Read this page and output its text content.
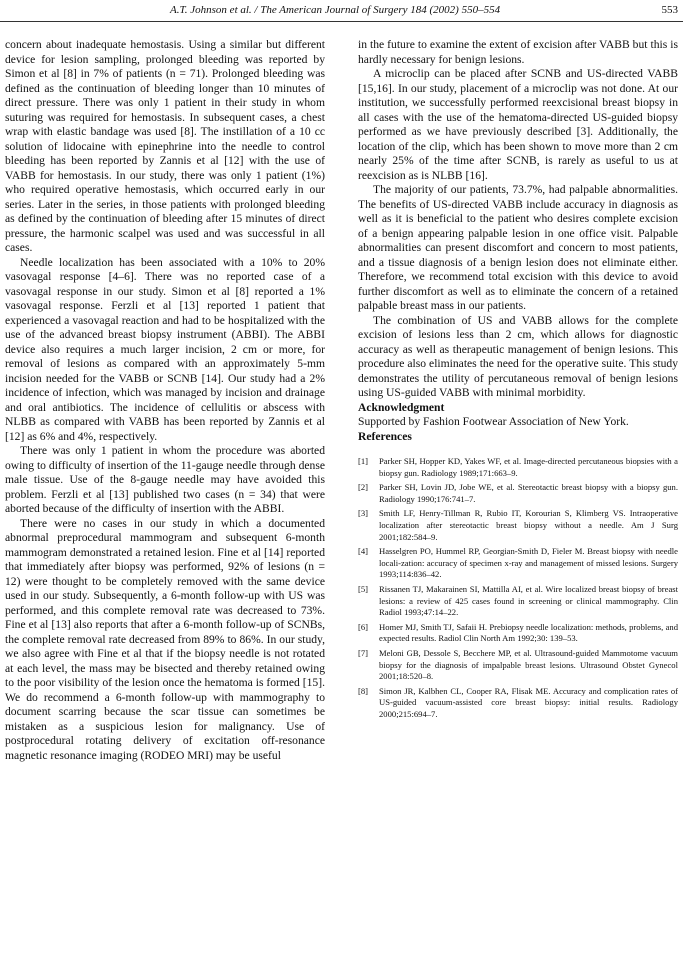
A.T. Johnson et al. / The American Journal of Surgery 184 (2002) 550–554	553

concern about inadequate hemostasis. Using a similar but different device for lesion sampling, prolonged bleeding was reported by Simon et al [8] in 7% of patients (n = 71). Prolonged bleeding was defined as the continuation of bleeding longer than 10 minutes of direct pressure. There was only 1 patient in their study in whom suturing was required for hemostasis. In subsequent cases, a chest wrap with elastic bandage was used [8]. The instillation of a 10 cc solution of lidocaine with epinephrine into the needle to control bleeding has been reported by Zannis et al [12] with the use of VABB for hemostasis. In our study, there was only 1 patient (1%) who required operative hemostasis, which occurred early in our series. Later in the series, in those patients with prolonged bleeding as defined by the continuation of bleeding after 15 minutes of direct pressure, the harmonic scalpel was used and was successful in all cases.

Needle localization has been associated with a 10% to 20% vasovagal response [4–6]. There was no reported case of a vasovagal response in our study. Simon et al [8] reported a 1% vasovagal response. Ferzli et al [13] reported 1 patient that experienced a vasovagal reaction and had to be hospitalized with the use of the advanced breast biopsy instrument (ABBI). The ABBI device also requires a much larger incision, 2 cm or more, for removal of lesions as compared with an approximately 5-mm incision needed for the VABB or SCNB [14]. Our study had a 2% incidence of infection, which was managed by incision and drainage and oral antibiotics. The incidence of cellulitis or abscess with NLBB as compared with VABB has been reported by Zannis et al [12] as 6% and 4%, respectively.

There was only 1 patient in whom the procedure was aborted owing to difficulty of insertion of the 11-gauge needle through dense male tissue. Use of the 8-gauge needle may have avoided this problem. Ferzli et al [13] published two cases (n = 34) that were aborted because of the difficulty of insertion with the ABBI.

There were no cases in our study in which a documented abnormal preprocedural mammogram and subsequent 6-month mammogram demonstrated a retained lesion. Fine et al [14] reported that immediately after biopsy was performed, 92% of lesions (n = 12) were thought to be completely removed with the same device used in our study. Subsequently, a 6-month follow-up with US was performed, and this complete removal rate was decreased to 73%. Fine et al [13] also reports that after a 6-month follow-up of SCNBs, the complete removal rate decreased from 89% to 86%. In our study, we also agree with Fine et al that if the biopsy needle is not rotated at each level, the mass may be bisected and thereby retained owing to the poor visibility of the lesion once the hematoma is formed [15]. We do recommend a 6-month follow-up with mammography to document scarring because the scar tissue can sometimes be mistaken as a suspicious lesion for malignancy. Use of postprocedural rotating delivery of excitation off-resonance magnetic resonance imaging (RODEO MRI) may be useful

in the future to examine the extent of excision after VABB but this is hardly necessary for benign lesions.

A microclip can be placed after SCNB and US-directed VABB [15,16]. In our study, placement of a microclip was not done. At our institution, we successfully performed reexcisional breast biopsy in all cases with the use of the hematoma-directed US-guided biopsy performed as we have previously described [3]. Additionally, the location of the clip, which has been shown to move more than 2 cm nearly 25% of the time after SCNB, is rarely as useful to us at reexcision as is NLBB [16].

The majority of our patients, 73.7%, had palpable abnormalities. The benefits of US-directed VABB include accuracy in diagnosis as well as it is beneficial to the patient who desires complete excision of a benign appearing palpable lesion in one office visit. Palpable abnormalities can present discomfort and concern to most patients, and a tissue diagnosis of a benign lesion does not eliminate either. Therefore, we recommend total excision with this device to avoid further discomfort as well as to eliminate the concern of a retained palpable breast mass in our patients.

The combination of US and VABB allows for the complete excision of lesions less than 2 cm, which allows for diagnostic accuracy as well as therapeutic management of benign lesions. This procedure also eliminates the need for the operative suite. This study demonstrates the utility of percutaneous removal of benign lesions using US-guided VABB with minimal morbidity.

Acknowledgment

Supported by Fashion Footwear Association of New York.

References

[1]	Parker SH, Hopper KD, Yakes WF, et al. Image-directed percutaneous biopsies with a biopsy gun. Radiology 1989;171:663–9.
[2]	Parker SH, Lovin JD, Jobe WE, et al. Stereotactic breast biopsy with a biopsy gun. Radiology 1990;176:741–7.
[3]	Smith LF, Henry-Tillman R, Rubio IT, Korourian S, Klimberg VS. Intraoperative localization after stereotactic breast biopsy without a needle. Am J Surg 2001;182:584–9.
[4]	Hasselgren PO, Hummel RP, Georgian-Smith D, Fieler M. Breast biopsy with needle locali-zation: accuracy of specimen x-ray and management of missed lesions. Surgery 1993;114:836–42.
[5]	Rissanen TJ, Makarainen SI, Mattilla AI, et al. Wire localized breast biopsy of breast lesions: a review of 425 cases found in screening or clinical mammography. Clin Radiol 1993;47:14–22.
[6]	Homer MJ, Smith TJ, Safaii H. Prebiopsy needle localization: methods, problems, and expected results. Radiol Clin North Am 1992;30: 139–53.
[7]	Meloni GB, Dessole S, Becchere MP, et al. Ultrasound-guided Mammotome vacuum biopsy for the diagnosis of impalpable breast lesions. Ultrasound Obstet Gynecol 2001;18:520–8.
[8]	Simon JR, Kalbhen CL, Cooper RA, Flisak ME. Accuracy and complication rates of US-guided vacuum-assisted core breast biopsy: initial results. Radiology 2000;215:694–7.
